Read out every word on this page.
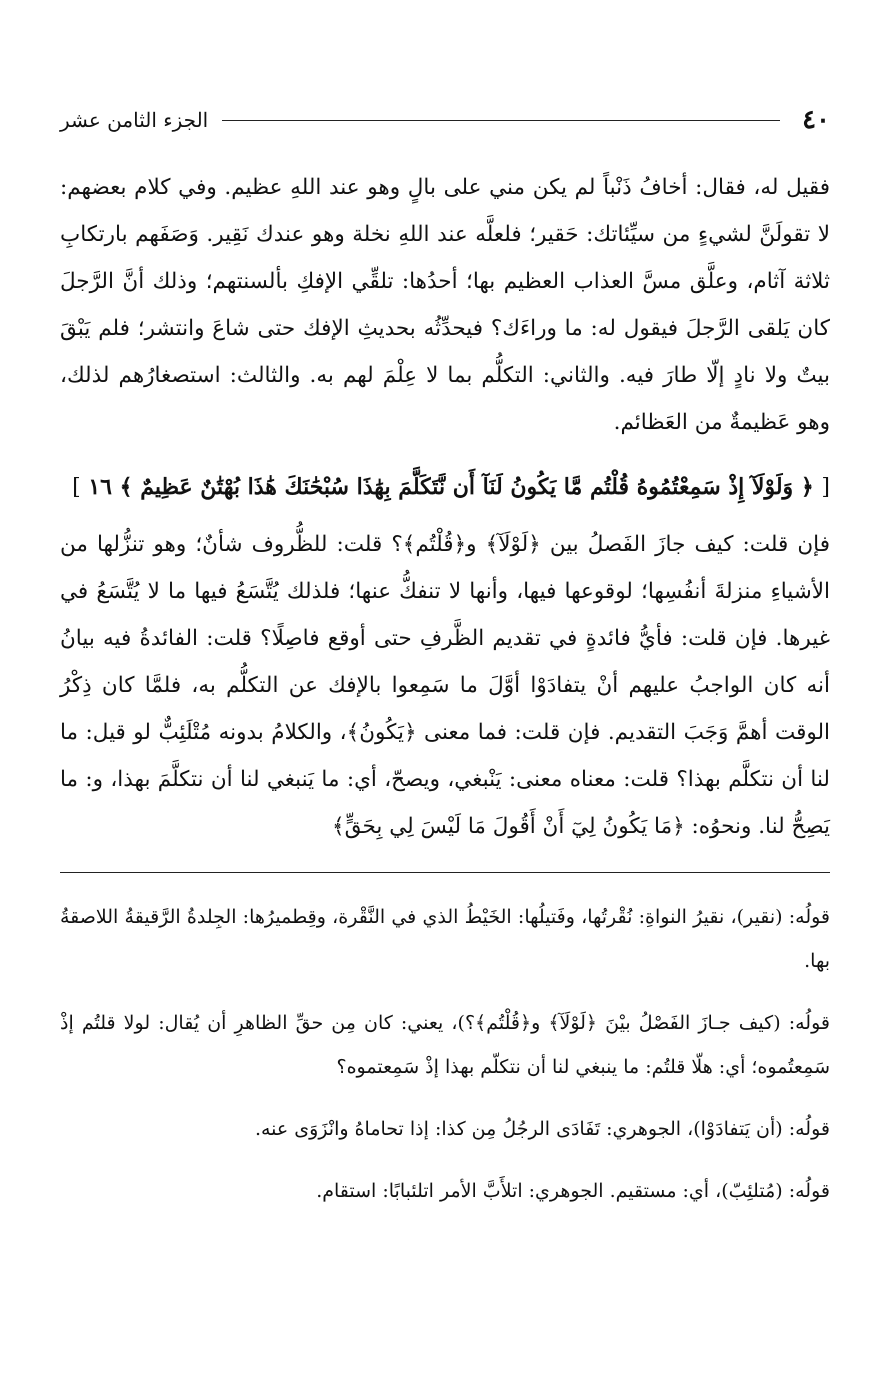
٤٠
الجزء الثامن عشر

فقيل له، فقال: أخافُ ذَنْباً لم يكن مني على بالٍ وهو عند اللهِ عظيم. وفي كلام بعضهم: لا تقولَنَّ لشيءٍ من سيِّئاتك: حَقير؛ فلعلَّه عند اللهِ نخلة وهو عندك نَقِير. وَصَفَهم بارتكابِ ثلاثة آثام، وعلَّق مسَّ العذاب العظيم بها؛ أحدُها: تلقِّي الإفكِ بألسنتهم؛ وذلك أنَّ الرَّجلَ كان يَلقى الرَّجلَ فيقول له: ما وراءَك؟ فيحدِّثُه بحديثِ الإفك حتى شاعَ وانتشر؛ فلم يَبْقَ بيتٌ ولا نادٍ إلّا طارَ فيه. والثاني: التكلُّم بما لا عِلْمَ لهم به. والثالث: استصغارُهم لذلك، وهو عَظيمةٌ من العَظائم.

[ ﴿ وَلَوْلَآ إِذْ سَمِعْتُمُوهُ قُلْتُم مَّا يَكُونُ لَنَآ أَن نَّتَكَلَّمَ بِهَٰذَا سُبْحَٰنَكَ هَٰذَا بُهْتَٰنٌ عَظِيمٌ ﴾ ١٦ ]

فإن قلت: كيف جازَ الفَصلُ بين ﴿لَوْلَآ﴾ و﴿قُلْتُم﴾؟ قلت: للظُّروف شأنٌ؛ وهو تنزُّلها من الأشياءِ منزلةَ أنفُسِها؛ لوقوعها فيها، وأنها لا تنفكُّ عنها؛ فلذلك يُتَّسَعُ فيها ما لا يُتَّسَعُ في غيرها. فإن قلت: فأيُّ فائدةٍ في تقديم الظَّرفِ حتى أوقع فاصِلًا؟ قلت: الفائدةُ فيه بيانُ أنه كان الواجبُ عليهم أنْ يتفادَوْا أوَّلَ ما سَمِعوا بالإفك عن التكلُّم به، فلمَّا كان ذِكْرُ الوقت أهمَّ وَجَبَ التقديم. فإن قلت: فما معنى ﴿يَكُونُ﴾، والكلامُ بدونه مُتْلَئِبٌّ لو قيل: ما لنا أن نتكلَّم بهذا؟ قلت: معناه معنى: يَنْبغي، ويصحّ، أي: ما يَنبغي لنا أن نتكلَّمَ بهذا، و: ما يَصِحُّ لنا. ونحوُه: ﴿مَا يَكُونُ لِيٓ أَنْ أَقُولَ مَا لَيْسَ لِي بِحَقٍّ﴾

قولُه: (نقير)، نقيرُ النواةِ: نُقْرتُها، وفَتيلُها: الخَيْطُ الذي في النَّقْرة، وقِطميرُها: الجِلدةُ الرَّقيقةُ اللاصقةُ بها.

قولُه: (كيف جـازَ الفَصْلُ بيْنَ ﴿لَوْلَآ﴾ و﴿قُلْتُم﴾؟)، يعني: كان مِن حقِّ الظاهرِ أن يُقال: لولا قلتُم إذْ سَمِعتُموه؛ أي: هلّا قلتُم: ما ينبغي لنا أن نتكلّم بهذا إذْ سَمِعتموه؟

قولُه: (أن يَتفادَوْا)، الجوهري: تَفَادَى الرجُلُ مِن كذا: إذا تحاماهُ وانْزَوَى عنه.

قولُه: (مُتلئِبّ)، أي: مستقيم. الجوهري: اتلأَبَّ الأمر اتلئبابًا: استقام.
